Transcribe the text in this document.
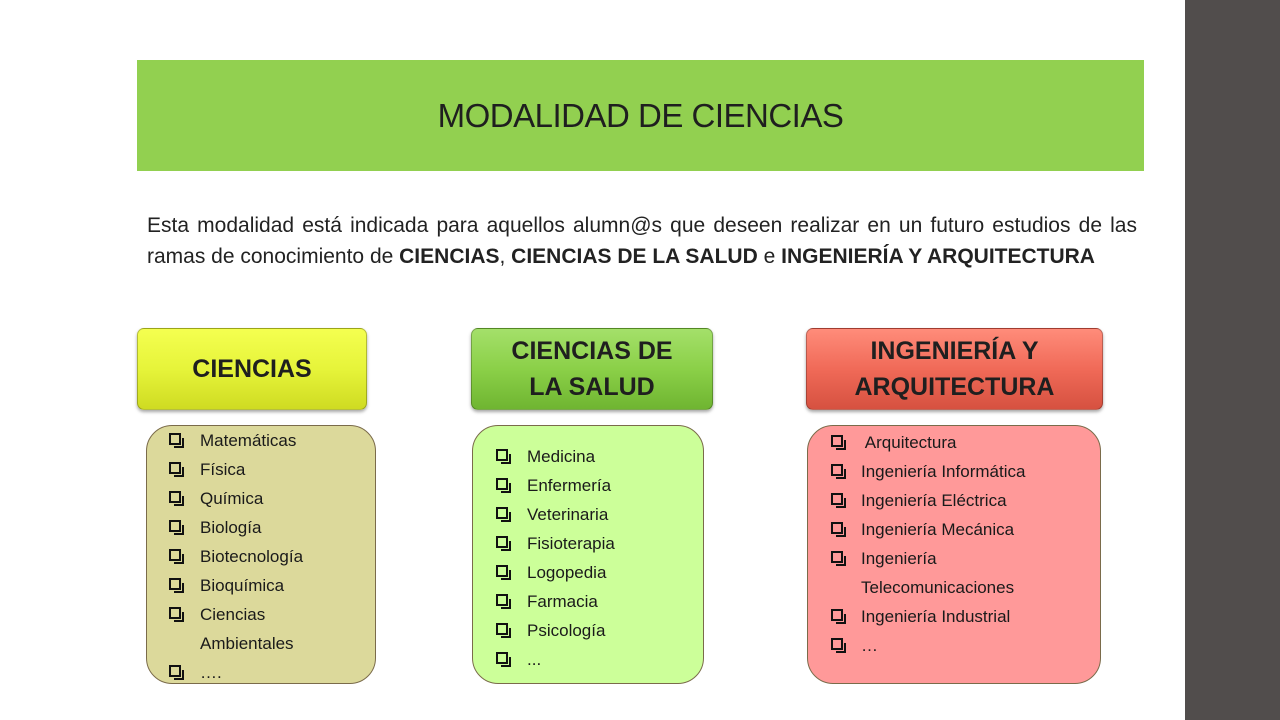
MODALIDAD DE CIENCIAS

Esta modalidad está indicada para aquellos alumn@s que deseen realizar en un futuro estudios de las ramas de conocimiento de CIENCIAS, CIENCIAS DE LA SALUD e INGENIERÍA Y ARQUITECTURA

CIENCIAS
CIENCIAS DE LA SALUD
INGENIERÍA Y ARQUITECTURA
Matemáticas
Física
Química
Biología
Biotecnología
Bioquímica
Ciencias Ambientales
….
Medicina
Enfermería
Veterinaria
Fisioterapia
Logopedia
Farmacia
Psicología
...
Arquitectura
Ingeniería Informática
Ingeniería Eléctrica
Ingeniería Mecánica
Ingeniería Telecomunicaciones
Ingeniería Industrial
…
